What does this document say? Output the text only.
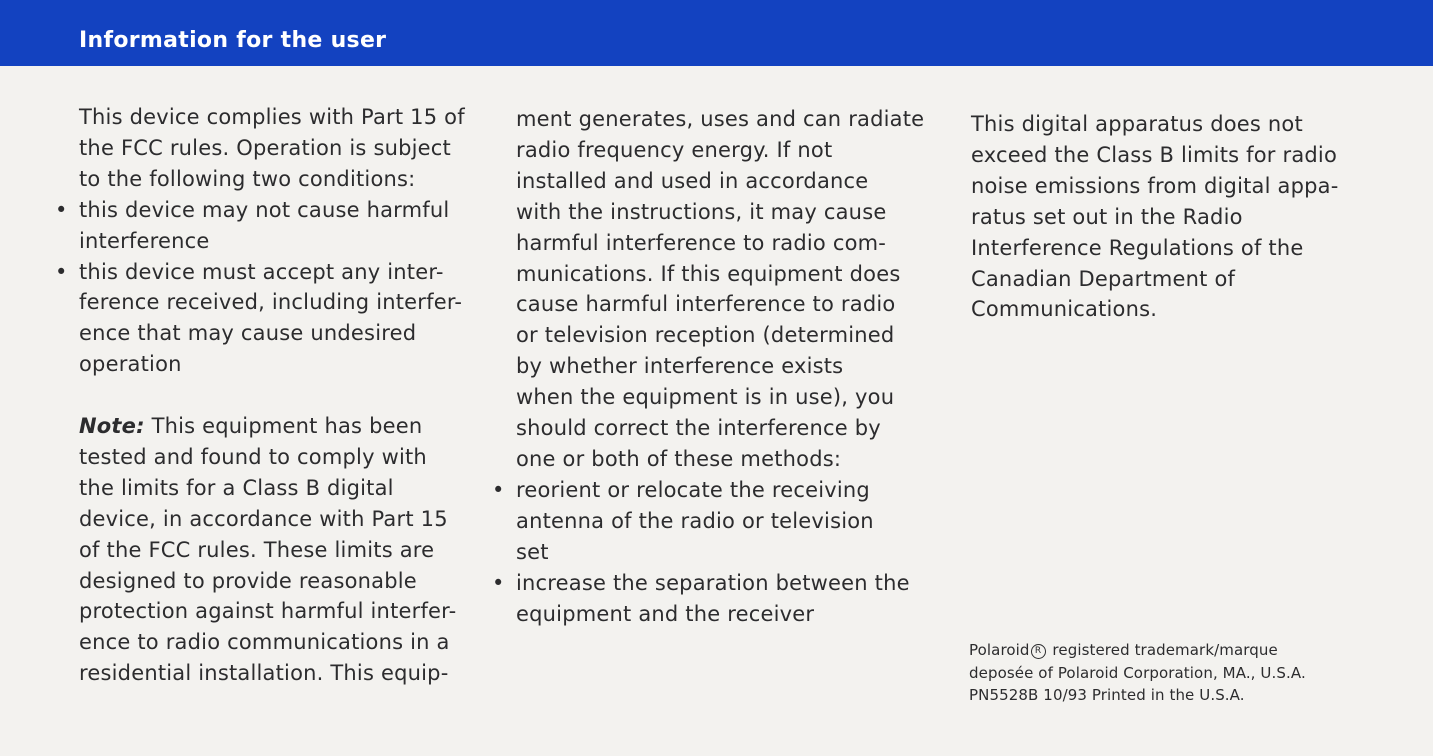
Information for the user
This device complies with Part 15 of
the FCC rules. Operation is subject
to the following two conditions:
• this device may not cause harmful
interference
• this device must accept any inter-
ference received, including interfer-
ence that may cause undesired
operation
Note: This equipment has been
tested and found to comply with
the limits for a Class B digital
device, in accordance with Part 15
of the FCC rules. These limits are
designed to provide reasonable
protection against harmful interfer-
ence to radio communications in a
residential installation. This equip-
ment generates, uses and can radiate
radio frequency energy. If not
installed and used in accordance
with the instructions, it may cause
harmful interference to radio com-
munications. If this equipment does
cause harmful interference to radio
or television reception (determined
by whether interference exists
when the equipment is in use), you
should correct the interference by
one or both of these methods:
• reorient or relocate the receiving
antenna of the radio or television
set
• increase the separation between the
equipment and the receiver
This digital apparatus does not
exceed the Class B limits for radio
noise emissions from digital appa-
ratus set out in the Radio
Interference Regulations of the
Canadian Department of
Communications.
Polaroid R registered trademark/marque
deposée of Polaroid Corporation, MA., U.S.A.
PN5528B 10/93 Printed in the U.S.A.
